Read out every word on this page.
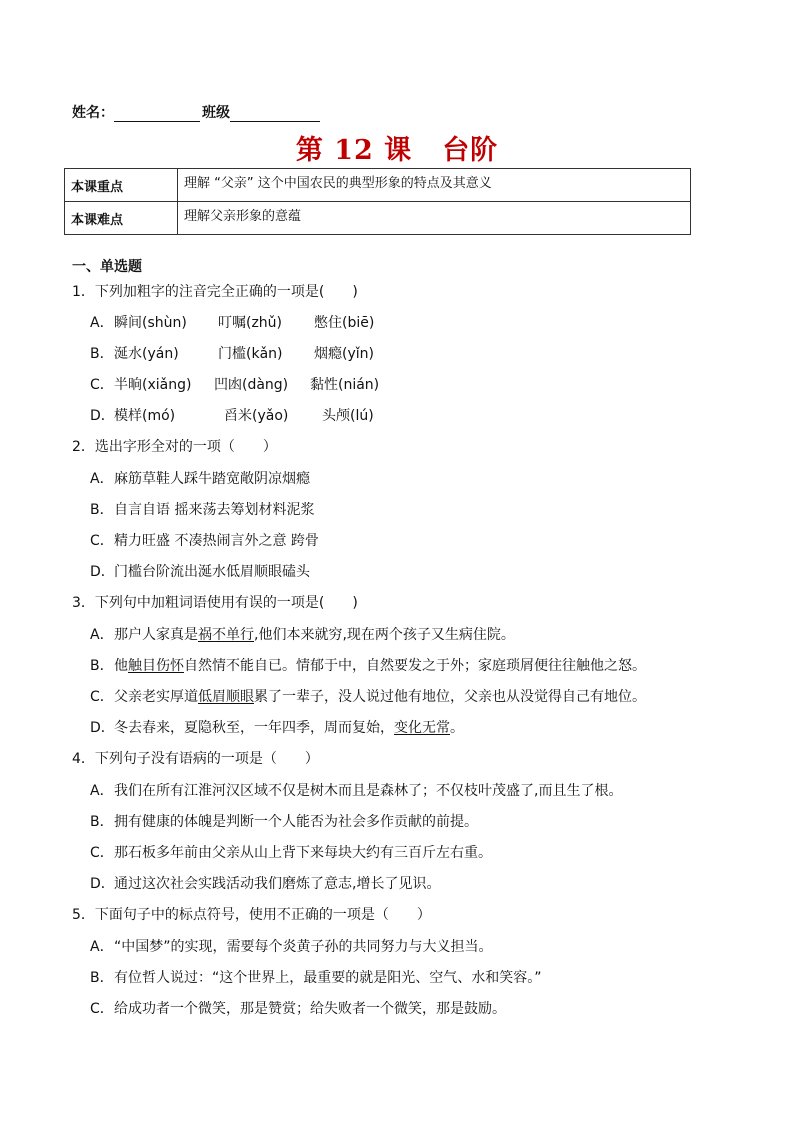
姓名：	班级
第 12 课 台阶
本课重点	理解 “父亲” 这个中国农民的典型形象的特点及其意义
本课难点	理解父亲形象的意蕴
一、单选题
1．下列加粗字的注音完全正确的一项是(　　)
A．瞬间(shùn) 叮嘱(zhǔ) 憋住(biē)
B．涎水(yán)	门槛(kǎn) 烟瘾(yǐn)
C．半晌(xiǎng) 凹凼(dàng) 黏性(nián)
D．模样(mó)	舀米(yǎo) 头颅(lú)
2．选出字形全对的一项（　　）
A．麻筋草鞋人踩牛踏宽敞阴凉烟瘾
B．自言自语 摇来荡去筹划材料泥浆
C．精力旺盛 不凑热闹言外之意 跨骨
D．门槛台阶流出涎水低眉顺眼磕头
3．下列句中加粗词语使用有误的一项是(　　)
A．那户人家真是祸不单行,他们本来就穷,现在两个孩子又生病住院。
B．他触目伤怀自然情不能自已。情郁于中，自然要发之于外；家庭琐屑便往往触他之怒。
C．父亲老实厚道低眉顺眼累了一辈子，没人说过他有地位，父亲也从没觉得自己有地位。
D．冬去春来，夏隐秋至，一年四季，周而复始，变化无常。
4．下列句子没有语病的一项是（　　）
A．我们在所有江淮河汉区域不仅是树木而且是森林了；不仅枝叶茂盛了,而且生了根。
B．拥有健康的体魄是判断一个人能否为社会多作贡献的前提。
C．那石板多年前由父亲从山上背下来每块大约有三百斤左右重。
D．通过这次社会实践活动我们磨炼了意志,增长了见识。
5．下面句子中的标点符号，使用不正确的一项是（　　）
A．“中国梦”的实现，需要每个炎黄子孙的共同努力与大义担当。
B．有位哲人说过：“这个世界上，最重要的就是阳光、空气、水和笑容。”
C．给成功者一个微笑，那是赞赏；给失败者一个微笑，那是鼓励。
